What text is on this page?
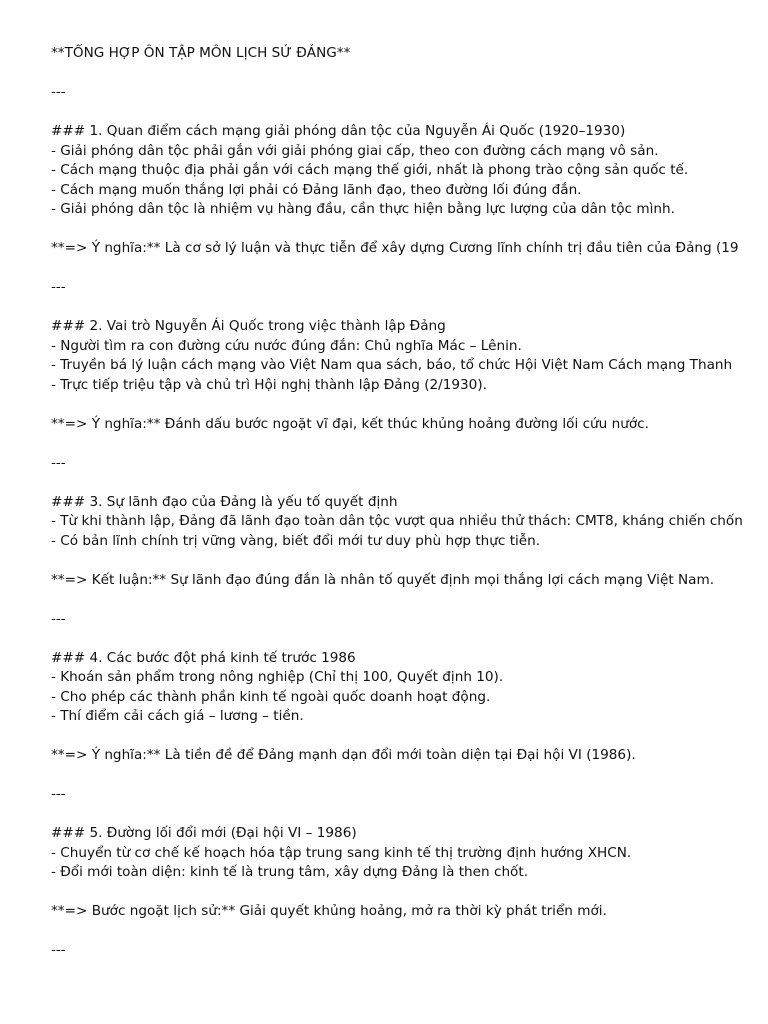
**TỔNG HỢP ÔN TẬP MÔN LỊCH SỬ ĐẢNG**
---
### 1. Quan điểm cách mạng giải phóng dân tộc của Nguyễn Ái Quốc (1920–1930)
- Giải phóng dân tộc phải gắn với giải phóng giai cấp, theo con đường cách mạng vô sản.
- Cách mạng thuộc địa phải gắn với cách mạng thế giới, nhất là phong trào cộng sản quốc tế.
- Cách mạng muốn thắng lợi phải có Đảng lãnh đạo, theo đường lối đúng đắn.
- Giải phóng dân tộc là nhiệm vụ hàng đầu, cần thực hiện bằng lực lượng của dân tộc mình.
**=> Ý nghĩa:** Là cơ sở lý luận và thực tiễn để xây dựng Cương lĩnh chính trị đầu tiên của Đảng (19
---
### 2. Vai trò Nguyễn Ái Quốc trong việc thành lập Đảng
- Người tìm ra con đường cứu nước đúng đắn: Chủ nghĩa Mác – Lênin.
- Truyền bá lý luận cách mạng vào Việt Nam qua sách, báo, tổ chức Hội Việt Nam Cách mạng Thanh
- Trực tiếp triệu tập và chủ trì Hội nghị thành lập Đảng (2/1930).
**=> Ý nghĩa:** Đánh dấu bước ngoặt vĩ đại, kết thúc khủng hoảng đường lối cứu nước.
---
### 3. Sự lãnh đạo của Đảng là yếu tố quyết định
- Từ khi thành lập, Đảng đã lãnh đạo toàn dân tộc vượt qua nhiều thử thách: CMT8, kháng chiến chốn
- Có bản lĩnh chính trị vững vàng, biết đổi mới tư duy phù hợp thực tiễn.
**=> Kết luận:** Sự lãnh đạo đúng đắn là nhân tố quyết định mọi thắng lợi cách mạng Việt Nam.
---
### 4. Các bước đột phá kinh tế trước 1986
- Khoán sản phẩm trong nông nghiệp (Chỉ thị 100, Quyết định 10).
- Cho phép các thành phần kinh tế ngoài quốc doanh hoạt động.
- Thí điểm cải cách giá – lương – tiền.
**=> Ý nghĩa:** Là tiền đề để Đảng mạnh dạn đổi mới toàn diện tại Đại hội VI (1986).
---
### 5. Đường lối đổi mới (Đại hội VI – 1986)
- Chuyển từ cơ chế kế hoạch hóa tập trung sang kinh tế thị trường định hướng XHCN.
- Đổi mới toàn diện: kinh tế là trung tâm, xây dựng Đảng là then chốt.
**=> Bước ngoặt lịch sử:** Giải quyết khủng hoảng, mở ra thời kỳ phát triển mới.
---
